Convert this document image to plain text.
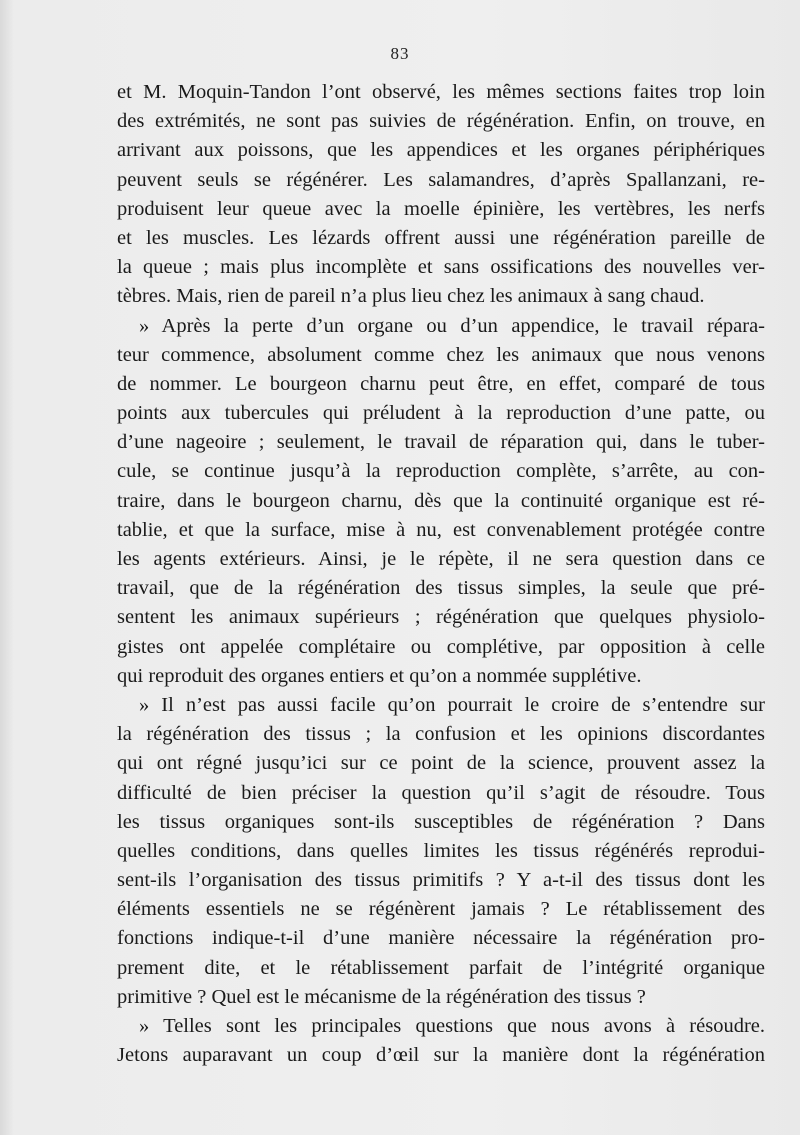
83
et M. Moquin-Tandon l’ont observé, les mêmes sections faites trop loin
des extrémités, ne sont pas suivies de régénération. Enfin, on trouve, en
arrivant aux poissons, que les appendices et les organes périphériques
peuvent seuls se régénérer. Les salamandres, d’après Spallanzani, re-
produisent leur queue avec la moelle épinière, les vertèbres, les nerfs
et les muscles. Les lézards offrent aussi une régénération pareille de
la queue ; mais plus incomplète et sans ossifications des nouvelles ver-
tèbres. Mais, rien de pareil n’a plus lieu chez les animaux à sang chaud.
» Après la perte d’un organe ou d’un appendice, le travail répara-
teur commence, absolument comme chez les animaux que nous venons
de nommer. Le bourgeon charnu peut être, en effet, comparé de tous
points aux tubercules qui préludent à la reproduction d’une patte, ou
d’une nageoire ; seulement, le travail de réparation qui, dans le tuber-
cule, se continue jusqu’à la reproduction complète, s’arrête, au con-
traire, dans le bourgeon charnu, dès que la continuité organique est ré-
tablie, et que la surface, mise à nu, est convenablement protégée contre
les agents extérieurs. Ainsi, je le répète, il ne sera question dans ce
travail, que de la régénération des tissus simples, la seule que pré-
sentent les animaux supérieurs ; régénération que quelques physiolo-
gistes ont appelée complétaire ou complétive, par opposition à celle
qui reproduit des organes entiers et qu’on a nommée supplétive.
» Il n’est pas aussi facile qu’on pourrait le croire de s’entendre sur
la régénération des tissus ; la confusion et les opinions discordantes
qui ont régné jusqu’ici sur ce point de la science, prouvent assez la
difficulté de bien préciser la question qu’il s’agit de résoudre. Tous
les tissus organiques sont-ils susceptibles de régénération ? Dans
quelles conditions, dans quelles limites les tissus régénérés reprodui-
sent-ils l’organisation des tissus primitifs ? Y a-t-il des tissus dont les
éléments essentiels ne se régénèrent jamais ? Le rétablissement des
fonctions indique-t-il d’une manière nécessaire la régénération pro-
prement dite, et le rétablissement parfait de l’intégrité organique
primitive ? Quel est le mécanisme de la régénération des tissus ?
» Telles sont les principales questions que nous avons à résoudre.
Jetons auparavant un coup d’œil sur la manière dont la régénération
